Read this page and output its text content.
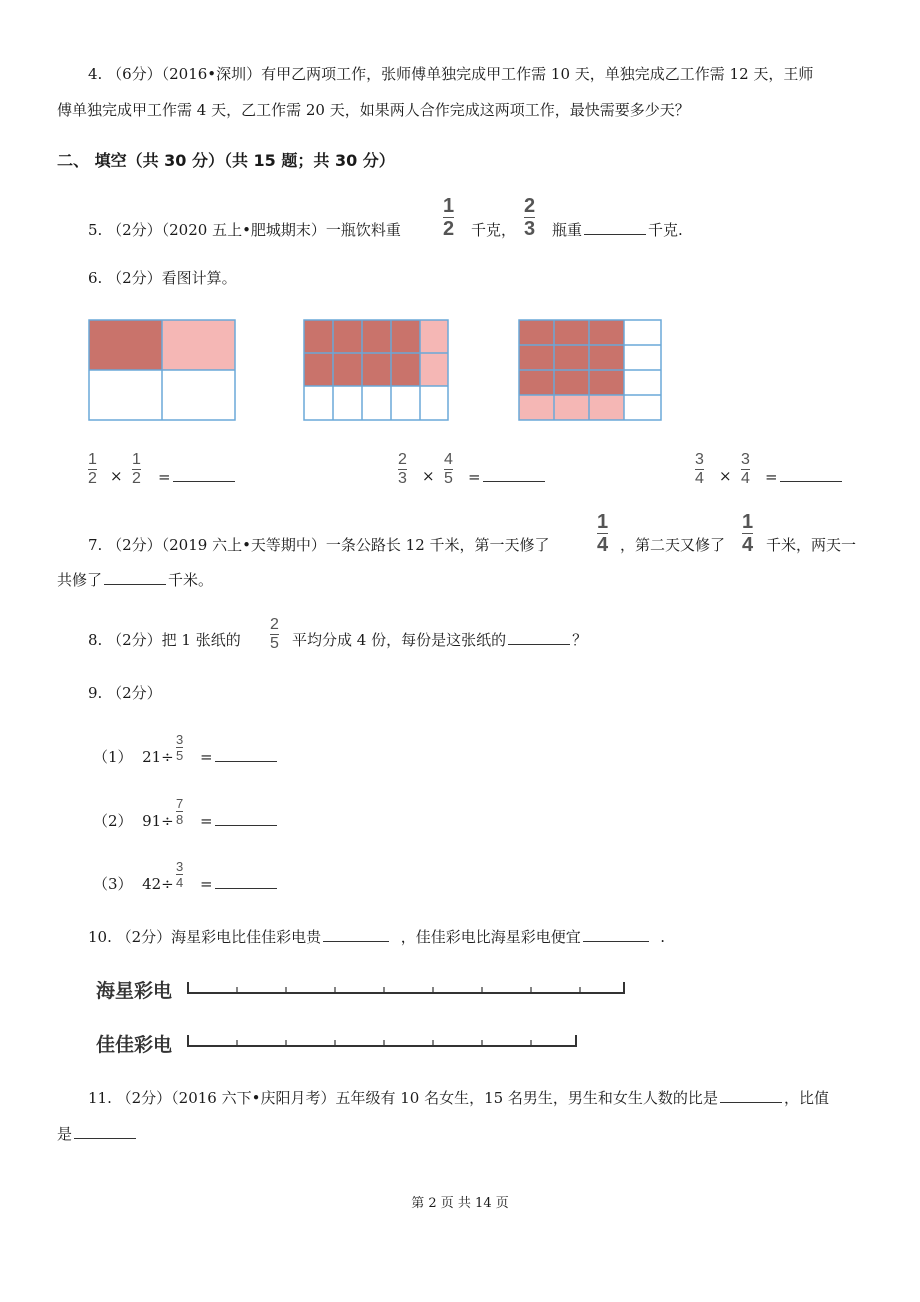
4. （6分）（2016•深圳）有甲乙两项工作，张师傅单独完成甲工作需 10 天，单独完成乙工作需 12 天，王师
傅单独完成甲工作需 4 天，乙工作需 20 天，如果两人合作完成这两项工作，最快需要多少天？
二、 填空（共 30 分）（共 15 题；共 30 分）
5. （2分）（2020 五上•肥城期末）一瓶饮料重
1
2 千克，
2
3 瓶重	千克.
6. （2分）看图计算。
1
2 ×
1
2 =
2
3 ×
4
5 =
3
4 ×
3
4 =
7. （2分）（2019 六上•天等期中）一条公路长 12 千米，第一天修了
1
4 ，第二天又修了
1
4 千米，两天一
共修了	千米。
8. （2分）把 1 张纸的
2
5 平均分成 4 份，每份是这张纸的	？
9. （2分）
（1） 21÷
3
5 =
（2） 91÷
7
8 =
（3） 42÷
3
4 =
10. （2分）海星彩电比佳佳彩电贵	，佳佳彩电比海星彩电便宜	.
海星彩电
佳佳彩电
11. （2分）（2016 六下•庆阳月考）五年级有 10 名女生，15 名男生，男生和女生人数的比是	，比值
是
第 2 页 共 14 页
